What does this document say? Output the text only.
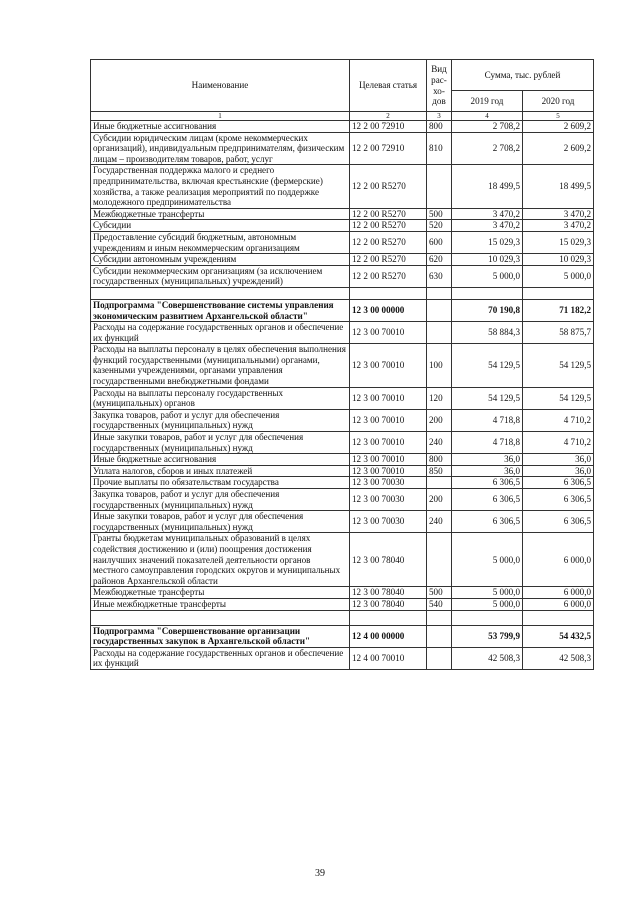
Наименование	Целевая статья	Вид рас-хо-дов	Сумма, тыс. рублей	
			2019 год	2020 год
1	2	3	4	5
Иные бюджетные ассигнования	12 2 00 72910	800	2 708,2	2 609,2
Субсидии юридическим лицам (кроме некоммерческих организаций), индивидуальным предпринимателям, физическим лицам – производителям товаров, работ, услуг	12 2 00 72910	810	2 708,2	2 609,2
Государственная поддержка малого и среднего предпринимательства, включая крестьянские (фермерские) хозяйства, а также реализация мероприятий по поддержке молодежного предпринимательства	12 2 00 R5270		18 499,5	18 499,5
Межбюджетные трансферты	12 2 00 R5270	500	3 470,2	3 470,2
Субсидии	12 2 00 R5270	520	3 470,2	3 470,2
Предоставление субсидий бюджетным, автономным учреждениям и иным некоммерческим организациям	12 2 00 R5270	600	15 029,3	15 029,3
Субсидии автономным учреждениям	12 2 00 R5270	620	10 029,3	10 029,3
Субсидии некоммерческим организациям (за исключением государственных (муниципальных) учреждений)	12 2 00 R5270	630	5 000,0	5 000,0

Подпрограмма "Совершенствование системы управления экономическим развитием Архангельской области"	12 3 00 00000		70 190,8	71 182,2
Расходы на содержание государственных органов и обеспечение их функций	12 3 00 70010		58 884,3	58 875,7
Расходы на выплаты персоналу в целях обеспечения выполнения функций государственными (муниципальными) органами, казенными учреждениями, органами управления государственными внебюджетными фондами	12 3 00 70010	100	54 129,5	54 129,5
Расходы на выплаты персоналу государственных (муниципальных) органов	12 3 00 70010	120	54 129,5	54 129,5
Закупка товаров, работ и услуг для обеспечения государственных (муниципальных) нужд	12 3 00 70010	200	4 718,8	4 710,2
Иные закупки товаров, работ и услуг для обеспечения государственных (муниципальных) нужд	12 3 00 70010	240	4 718,8	4 710,2
Иные бюджетные ассигнования	12 3 00 70010	800	36,0	36,0
Уплата налогов, сборов и иных платежей	12 3 00 70010	850	36,0	36,0
Прочие выплаты по обязательствам государства	12 3 00 70030		6 306,5	6 306,5
Закупка товаров, работ и услуг для обеспечения государственных (муниципальных) нужд	12 3 00 70030	200	6 306,5	6 306,5
Иные закупки товаров, работ и услуг для обеспечения государственных (муниципальных) нужд	12 3 00 70030	240	6 306,5	6 306,5
Гранты бюджетам муниципальных образований в целях содействия достижению и (или) поощрения достижения наилучших значений показателей деятельности органов местного самоуправления городских округов и муниципальных районов Архангельской области	12 3 00 78040		5 000,0	6 000,0
Межбюджетные трансферты	12 3 00 78040	500	5 000,0	6 000,0
Иные межбюджетные трансферты	12 3 00 78040	540	5 000,0	6 000,0

Подпрограмма "Совершенствование организации государственных закупок в Архангельской области"	12 4 00 00000		53 799,9	54 432,5
Расходы на содержание государственных органов и обеспечение их функций	12 4 00 70010		42 508,3	42 508,3
39
